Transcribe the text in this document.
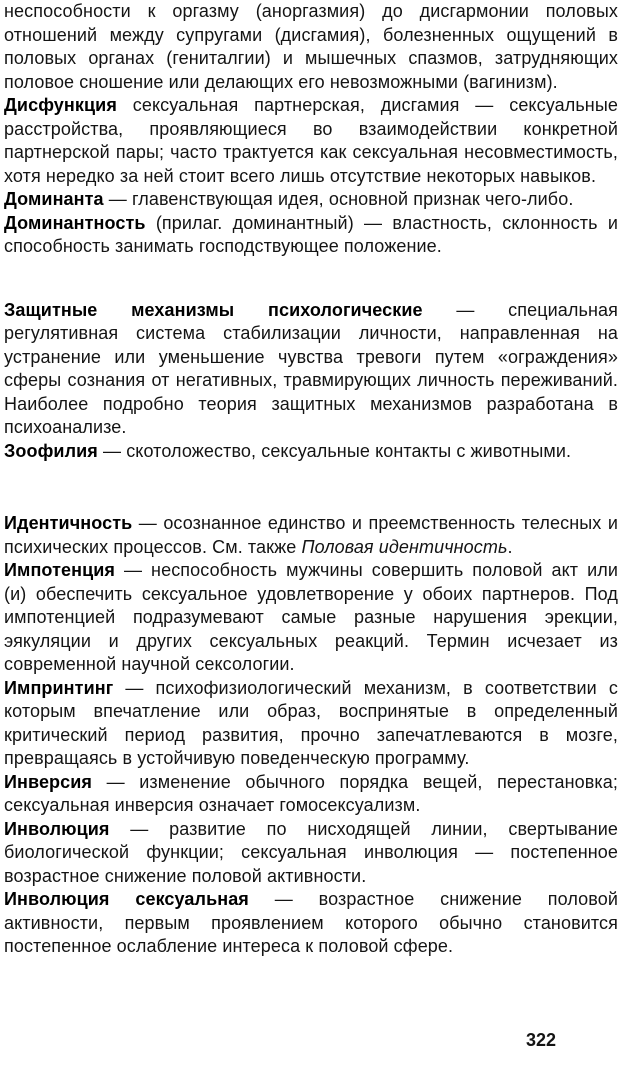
неспособности к оргазму (аноргазмия) до дисгармонии половых отношений между супругами (дисгамия), болезненных ощущений в половых органах (гениталгии) и мышечных спазмов, затрудняющих половое сношение или делающих его невозможными (вагинизм).

Дисфункция сексуальная партнерская, дисгамия — сексуальные расстройства, проявляющиеся во взаимодействии конкретной партнерской пары; часто трактуется как сексуальная несовместимость, хотя нередко за ней стоит всего лишь отсутствие некоторых навыков.

Доминанта — главенствующая идея, основной признак чего-либо.

Доминантность (прилаг. доминантный) — властность, склонность и способность занимать господствующее положение.

Защитные механизмы психологические — специальная регулятивная система стабилизации личности, направленная на устранение или уменьшение чувства тревоги путем «ограждения» сферы сознания от негативных, травмирующих личность переживаний. Наиболее подробно теория защитных механизмов разработана в психоанализе.

Зоофилия — скотоложество, сексуальные контакты с животными.

Идентичность — осознанное единство и преемственность телесных и психических процессов. См. также Половая идентичность.

Импотенция — неспособность мужчины совершить половой акт или (и) обеспечить сексуальное удовлетворение у обоих партнеров. Под импотенцией подразумевают самые разные нарушения эрекции, эякуляции и других сексуальных реакций. Термин исчезает из современной научной сексологии.

Импринтинг — психофизиологический механизм, в соответствии с которым впечатление или образ, воспринятые в определенный критический период развития, прочно запечатлеваются в мозге, превращаясь в устойчивую поведенческую программу.

Инверсия — изменение обычного порядка вещей, перестановка; сексуальная инверсия означает гомосексуализм.

Инволюция — развитие по нисходящей линии, свертывание биологической функции; сексуальная инволюция — постепенное возрастное снижение половой активности.

Инволюция сексуальная — возрастное снижение половой активности, первым проявлением которого обычно становится постепенное ослабление интереса к половой сфере.

322
